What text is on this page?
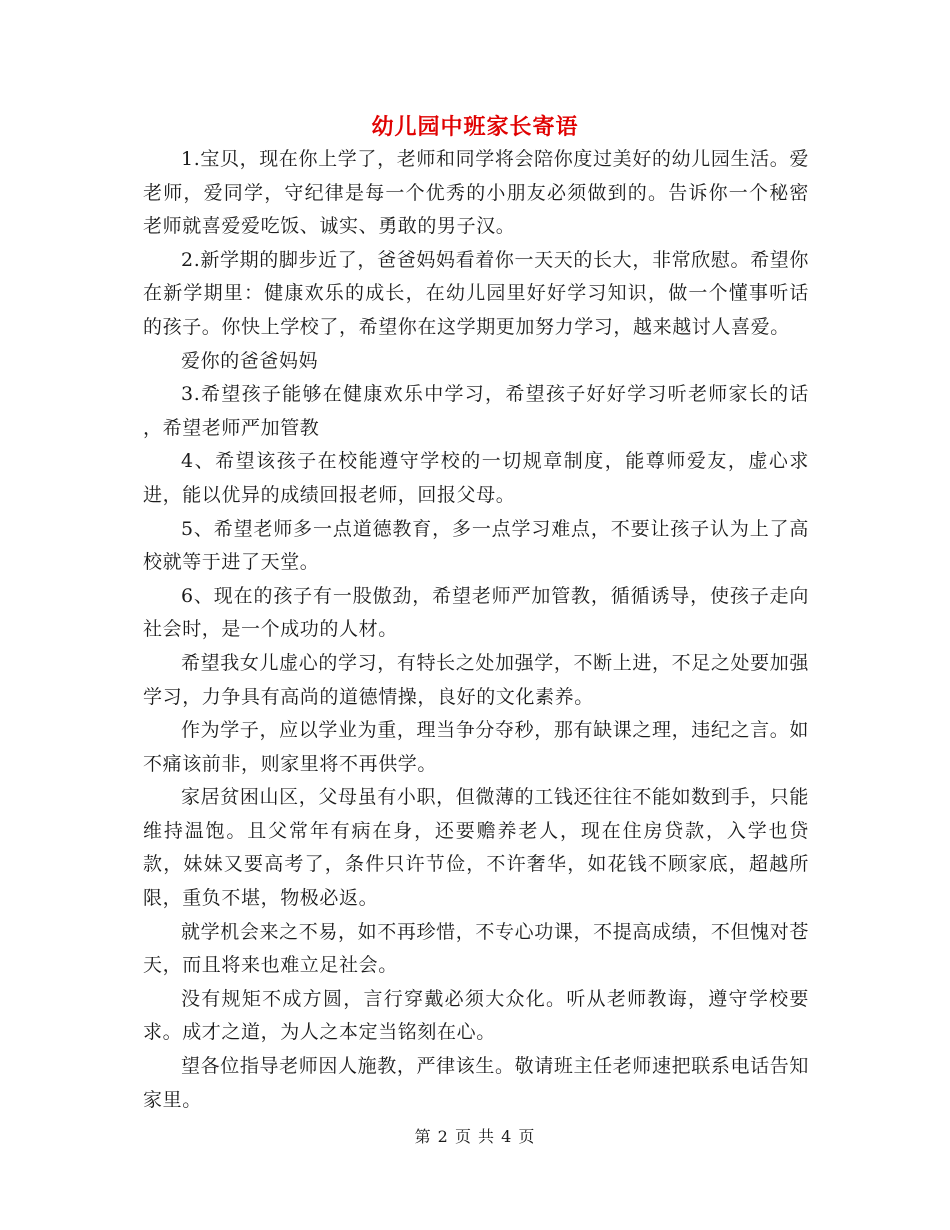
幼儿园中班家长寄语

1.宝贝，现在你上学了，老师和同学将会陪你度过美好的幼儿园生活。爱老师，爱同学，守纪律是每一个优秀的小朋友必须做到的。告诉你一个秘密老师就喜爱爱吃饭、诚实、勇敢的男子汉。

2.新学期的脚步近了，爸爸妈妈看着你一天天的长大，非常欣慰。希望你在新学期里：健康欢乐的成长，在幼儿园里好好学习知识，做一个懂事听话的孩子。你快上学校了，希望你在这学期更加努力学习，越来越讨人喜爱。

爱你的爸爸妈妈

3.希望孩子能够在健康欢乐中学习，希望孩子好好学习听老师家长的话 ，希望老师严加管教

4、希望该孩子在校能遵守学校的一切规章制度，能尊师爱友，虚心求进，能以优异的成绩回报老师，回报父母。

5、希望老师多一点道德教育，多一点学习难点，不要让孩子认为上了高校就等于进了天堂。

6、现在的孩子有一股傲劲，希望老师严加管教，循循诱导，使孩子走向社会时，是一个成功的人材。

希望我女儿虚心的学习，有特长之处加强学，不断上进，不足之处要加强学习，力争具有高尚的道德情操，良好的文化素养。

作为学子，应以学业为重，理当争分夺秒，那有缺课之理，违纪之言。如不痛该前非，则家里将不再供学。

家居贫困山区，父母虽有小职，但微薄的工钱还往往不能如数到手，只能维持温饱。且父常年有病在身，还要赡养老人，现在住房贷款，入学也贷款，妹妹又要高考了，条件只许节俭，不许奢华，如花钱不顾家底，超越所限，重负不堪，物极必返。

就学机会来之不易，如不再珍惜，不专心功课，不提高成绩，不但愧对苍天，而且将来也难立足社会。

没有规矩不成方圆，言行穿戴必须大众化。听从老师教诲，遵守学校要求。成才之道，为人之本定当铭刻在心。

望各位指导老师因人施教，严律该生。敬请班主任老师速把联系电话告知家里。

第 2 页 共 4 页
